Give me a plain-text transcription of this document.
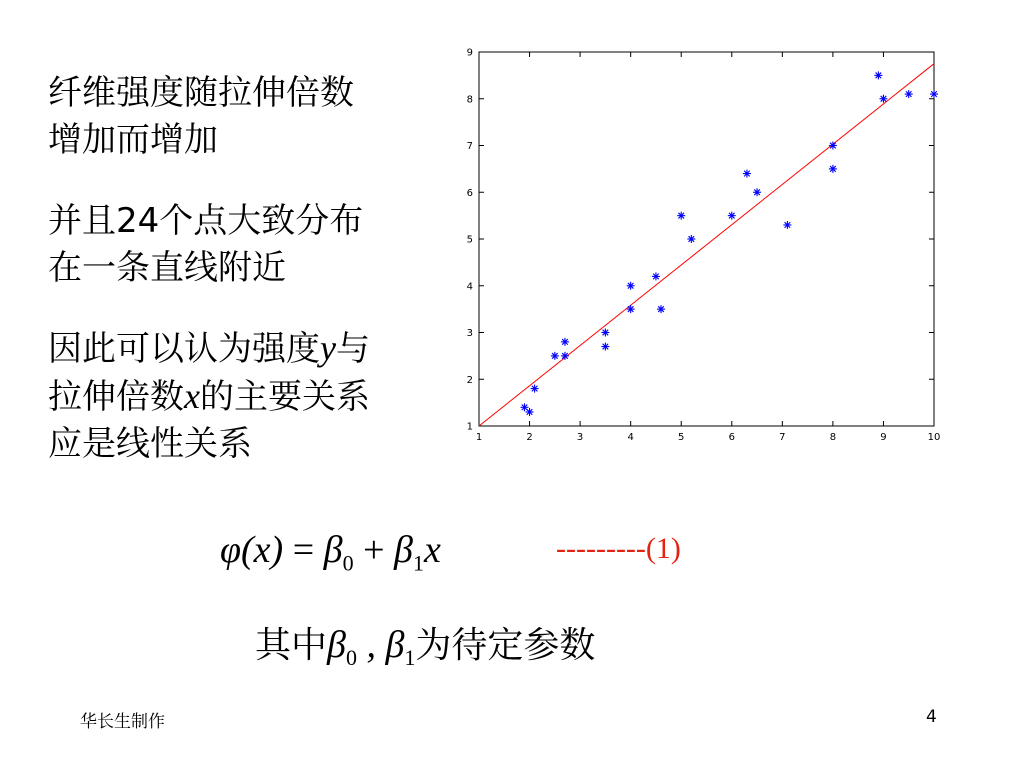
纤维强度随拉伸倍数增加而增加

并且24个点大致分布在一条直线附近

因此可以认为强度y与拉伸倍数x的主要关系应是线性关系	1	2	3	4	5	6	7	8	9	10
1
2
3
4
5
6
7
8
9
$\varphi(x) = \beta_0 + \beta_1x$	---------(1)
其中$\beta_0$ , $\beta_1$为待定参数
华长生制作	4
